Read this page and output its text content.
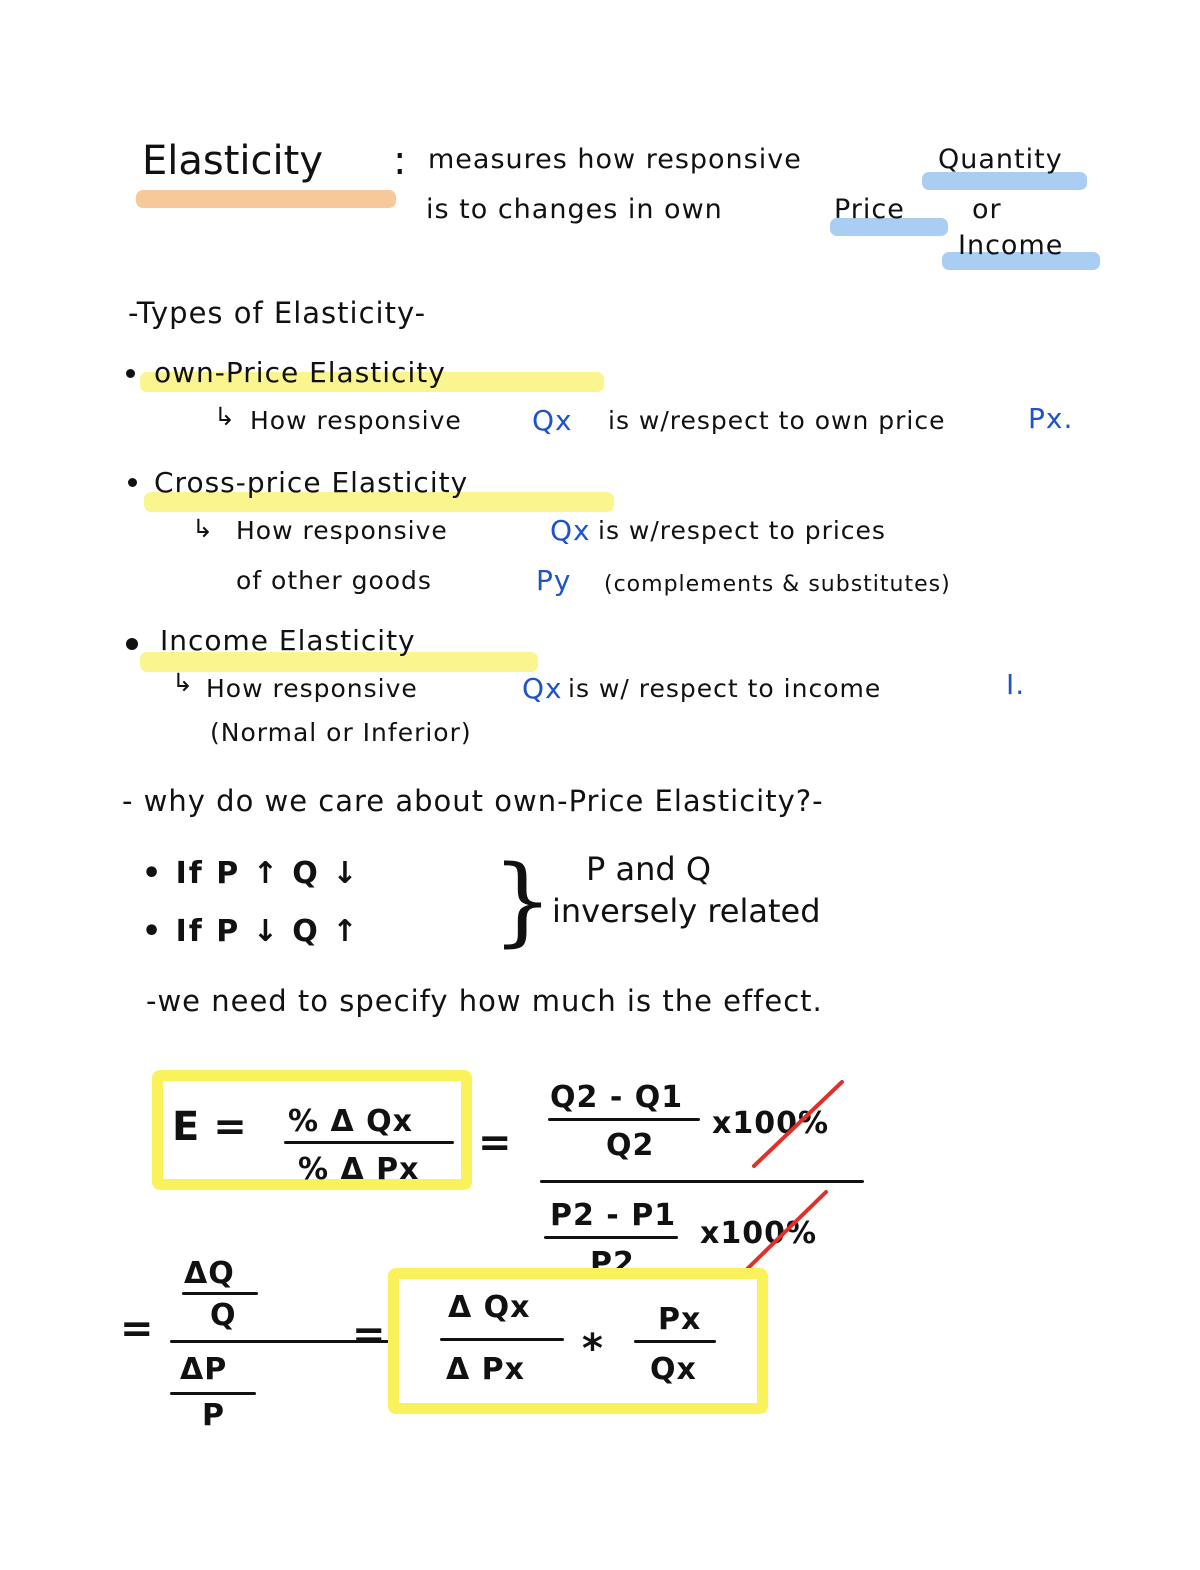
Elasticity : measures how responsive	Quantity
is to changes in own	Price or
Income
-Types of Elasticity-
own-Price Elasticity
↳ How responsive	Qx is w/respect to own price	Px.
Cross-price Elasticity
↳ How responsive	Qx is w/respect to prices
of other goods	Py (complements & substitutes)
Income Elasticity
↳ How responsive	Qx is w/ respect to income	I.
(Normal or Inferior)
- why do we care about own-Price Elasticity?-
• If P ↑ Q ↓
• If P ↓ Q ↑ } P and Q
inversely related
-we need to specify how much is the effect.
E = % Δ Qx
% Δ Px
=
Q2 - Q1
Q2
x100%
P2 - P1
P2
x100%
=
ΔQ
Q
ΔP
P
=
Δ Qx
Δ Px *
Px
Qx
